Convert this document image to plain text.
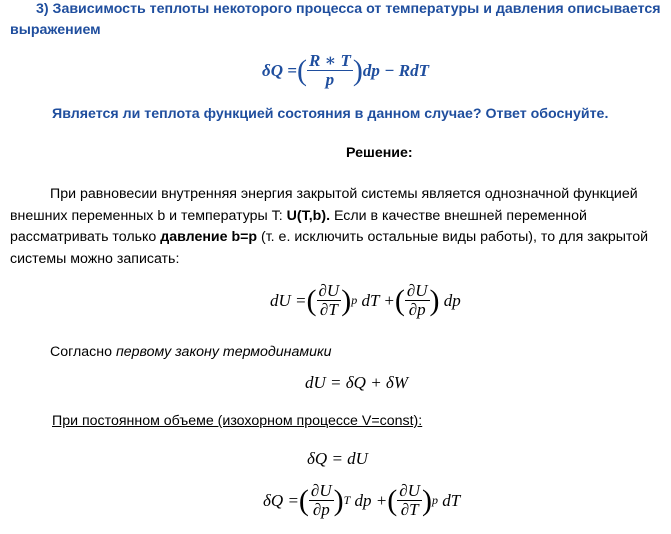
3) Зависимость теплоты некоторого процесса от температуры и давления описывается
выражением
δQ = ( $\frac{R ∗ T}{p}$ ) dp − RdT
Является ли теплота функцией состояния в данном случае? Ответ обоснуйте.
Решение:
При равновесии внутренняя энергия закрытой системы является однозначной функцией
внешних переменных b и температуры T: U(T,b). Если в качестве внешней переменной
рассматривать только давление b=p (т. е. исключить остальные виды работы), то для закрытой
системы можно записать:
dU = ( $\frac{\partial U}{\partial T}$ ) p dT + ( $\frac{\partial U}{\partial p}$ ) dp
Согласно первому закону термодинамики
dU = δQ + δW
При постоянном объеме (изохорном процессе V=const):
δQ = dU
δQ = ( $\frac{\partial U}{\partial p}$ ) T dp + ( $\frac{\partial U}{\partial T}$ ) p dT
